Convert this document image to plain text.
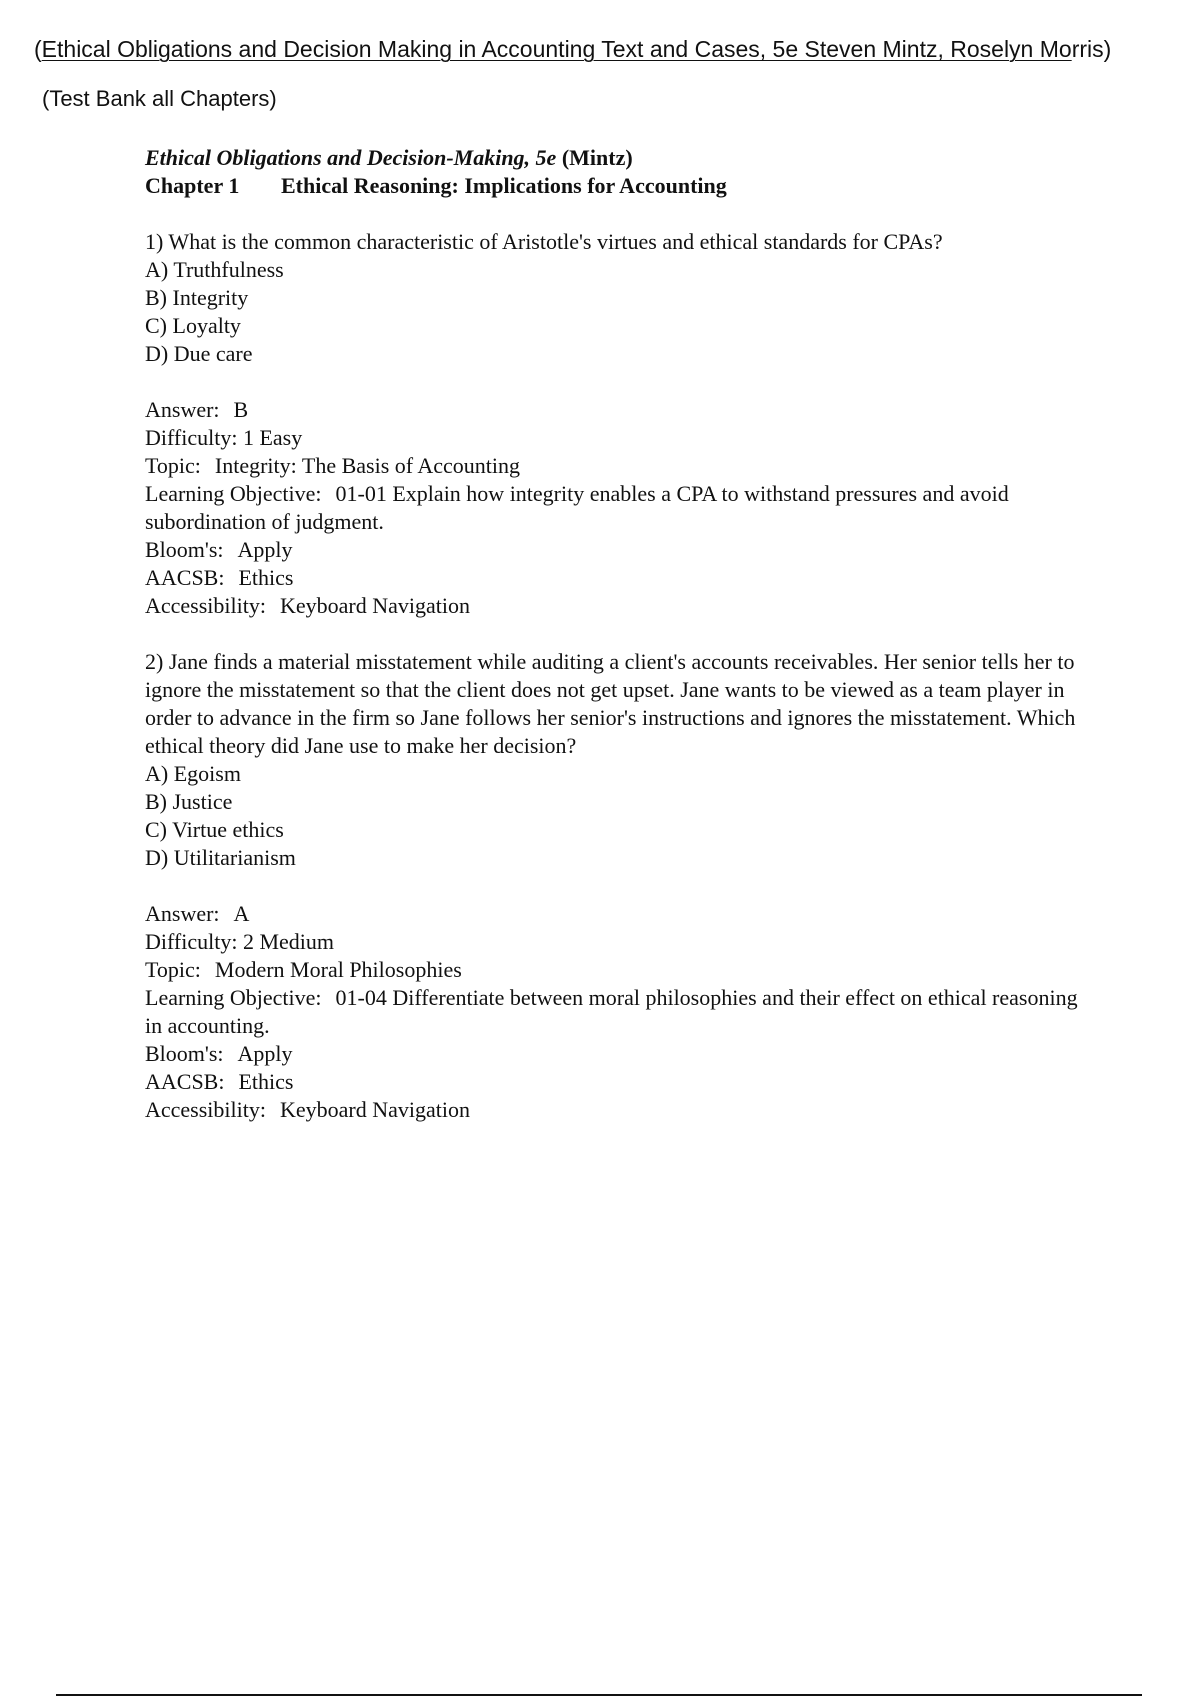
(Ethical Obligations and Decision Making in Accounting Text and Cases, 5e Steven Mintz, Roselyn Morris)
(Test Bank all Chapters)

Ethical Obligations and Decision-Making, 5e (Mintz)

Chapter 1 Ethical Reasoning: Implications for Accounting

1) What is the common characteristic of Aristotle's virtues and ethical standards for CPAs?

A) Truthfulness

B) Integrity

C) Loyalty

D) Due care

Answer: B

Difficulty: 1 Easy

Topic: Integrity: The Basis of Accounting

Learning Objective: 01-01 Explain how integrity enables a CPA to withstand pressures and avoid subordination of judgment.

Bloom's: Apply

AACSB: Ethics

Accessibility: Keyboard Navigation

2) Jane finds a material misstatement while auditing a client's accounts receivables. Her senior tells her to ignore the misstatement so that the client does not get upset. Jane wants to be viewed as a team player in order to advance in the firm so Jane follows her senior's instructions and ignores the misstatement. Which ethical theory did Jane use to make her decision?

A) Egoism

B) Justice

C) Virtue ethics

D) Utilitarianism

Answer: A

Difficulty: 2 Medium

Topic: Modern Moral Philosophies

Learning Objective: 01-04 Differentiate between moral philosophies and their effect on ethical reasoning in accounting.

Bloom's: Apply

AACSB: Ethics

Accessibility: Keyboard Navigation
